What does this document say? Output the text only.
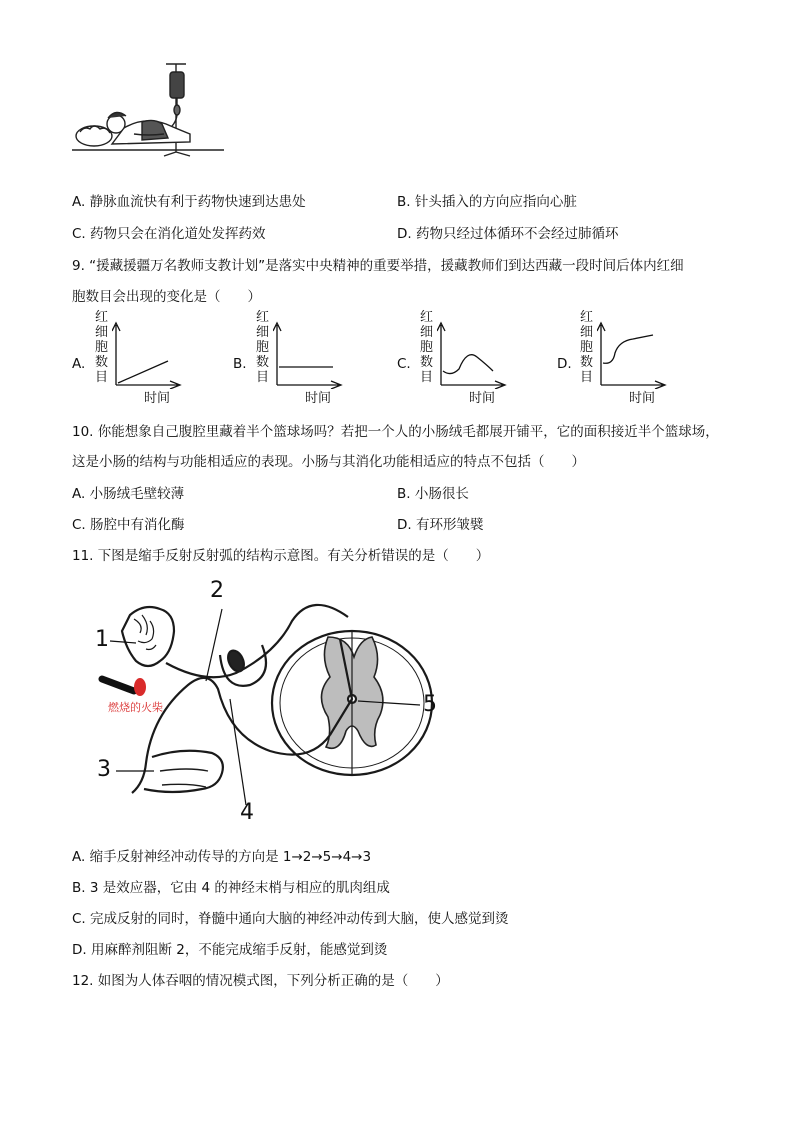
A. 静脉血流快有利于药物快速到达患处	B. 针头插入的方向应指向心脏
C. 药物只会在消化道处发挥药效	D. 药物只经过体循环不会经过肺循环
9. “援藏援疆万名教师支教计划”是落实中央精神的重要举措，援藏教师们到达西藏一段时间后体内红细
胞数目会出现的变化是（　　）
A.
红
细
胞
数
目
时间
B.
红
细
胞
数
目
时间
C.
红
细
胞
数
目
时间
D.
红
细
胞
数
目
时间
10. 你能想象自己腹腔里藏着半个篮球场吗？若把一个人的小肠绒毛都展开铺平，它的面积接近半个篮球场，
这是小肠的结构与功能相适应的表现。小肠与其消化功能相适应的特点不包括（　　）
A. 小肠绒毛壁较薄	B. 小肠很长
C. 肠腔中有消化酶	D. 有环形皱襞
11. 下图是缩手反射反射弧的结构示意图。有关分析错误的是（　　）
1
2
3
4
5
燃烧的火柴
A. 缩手反射神经冲动传导的方向是 1→2→5→4→3
B. 3 是效应器，它由 4 的神经末梢与相应的肌肉组成
C. 完成反射的同时，脊髓中通向大脑的神经冲动传到大脑，使人感觉到烫
D. 用麻醉剂阻断 2，不能完成缩手反射，能感觉到烫
12. 如图为人体吞咽的情况模式图，下列分析正确的是（　　）
